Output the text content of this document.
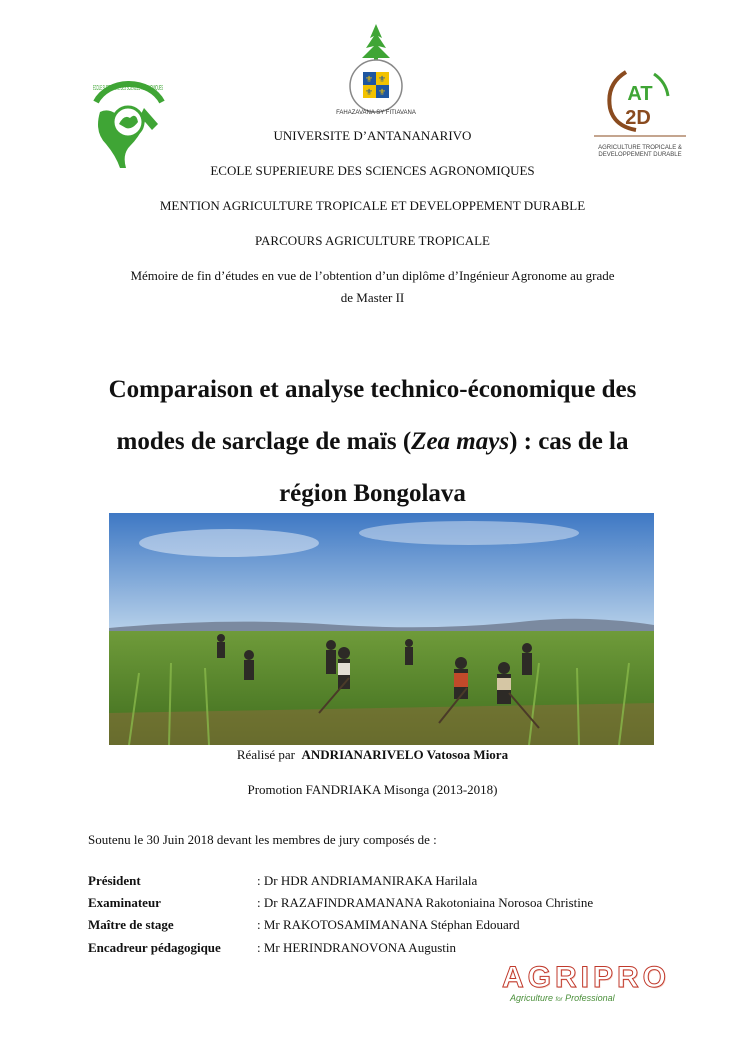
ECOLE SUPERIEURE DES SCIENCES AGRONOMIQUES
⚜ ⚜
⚜ ⚜
FAHAZAVANA SY FITIAVANA
AT
2D
AGRICULTURE TROPICALE &
DEVELOPPEMENT DURABLE
UNIVERSITE D’ANTANANARIVO
ECOLE SUPERIEURE DES SCIENCES AGRONOMIQUES
MENTION AGRICULTURE TROPICALE ET DEVELOPPEMENT DURABLE
PARCOURS AGRICULTURE TROPICALE
Mémoire de fin d’études en vue de l’obtention d’un diplôme d’Ingénieur Agronome au grade
de Master II
Comparaison et analyse technico-économique des
modes de sarclage de maïs (Zea mays) : cas de la
région Bongolava
Réalisé par ANDRIANARIVELO Vatosoa Miora
Promotion FANDRIAKA Misonga (2013-2018)
Soutenu le 30 Juin 2018 devant les membres de jury composés de :
Président	: Dr HDR ANDRIAMANIRAKA Harilala
Examinateur	: Dr RAZAFINDRAMANANA Rakotoniaina Norosoa Christine
Maître de stage	: Mr RAKOTOSAMIMANANA Stéphan Edouard
Encadreur pédagogique	: Mr HERINDRANOVONA Augustin
AGRIPRO
Agriculture for Professional
